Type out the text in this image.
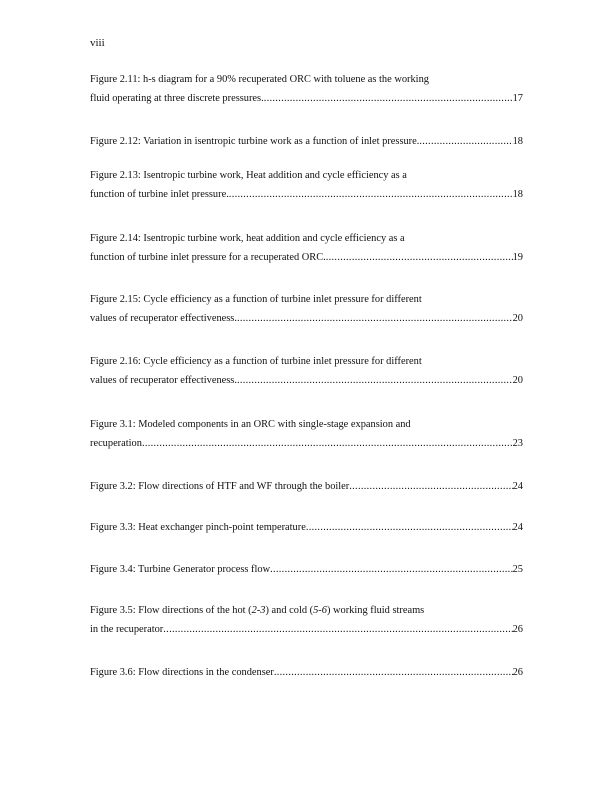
viii
Figure 2.11: h-s diagram for a 90% recuperated ORC with toluene as the working
fluid operating at three discrete pressures. .....	17
Figure 2.12: Variation in isentropic turbine work as a function of inlet pressure. .....	18
Figure 2.13: Isentropic turbine work, Heat addition and cycle efficiency as a
function of turbine inlet pressure. .....	18
Figure 2.14: Isentropic turbine work, heat addition and cycle efficiency as a
function of turbine inlet pressure for a recuperated ORC. .....	19
Figure 2.15: Cycle efficiency as a function of turbine inlet pressure for different
values of recuperator effectiveness. .....	20
Figure 2.16: Cycle efficiency as a function of turbine inlet pressure for different
values of recuperator effectiveness. .....	20
Figure 3.1: Modeled components in an ORC with single-stage expansion and
recuperation .....	23
Figure 3.2: Flow directions of HTF and WF through the boiler .....	24
Figure 3.3: Heat exchanger pinch-point temperature .....	24
Figure 3.4: Turbine Generator process flow .....	25
Figure 3.5: Flow directions of the hot (2-3) and cold (5-6) working fluid streams
in the recuperator .....	26
Figure 3.6: Flow directions in the condenser .....	26
